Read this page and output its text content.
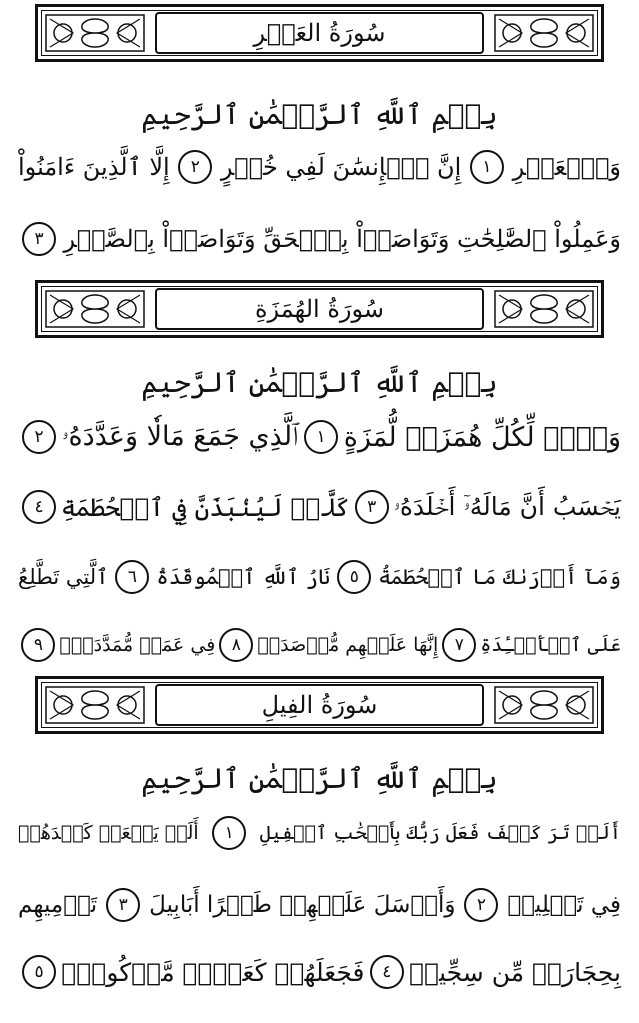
سُورَةُ العَصۡرِ
بِسۡمِ ٱللَّهِ ٱلرَّحۡمَٰنِ ٱلرَّحِيمِ
وَٱلۡعَصۡرِ
١
إِنَّ ٱلۡإِنسَٰنَ لَفِي خُسۡرٍ
٢
إِلَّا ٱلَّذِينَ ءَامَنُواْ
وَعَمِلُواْ ٱلصَّٰلِحَٰتِ وَتَوَاصَوۡاْ بِٱلۡحَقِّ وَتَوَاصَوۡاْ بِٱلصَّبۡرِ
٣
سُورَةُ الهُمَزَةِ
بِسۡمِ ٱللَّهِ ٱلرَّحۡمَٰنِ ٱلرَّحِيمِ
وَيۡلٞ لِّكُلِّ هُمَزَةٖ لُّمَزَةٍ
١
ٱلَّذِي جَمَعَ مَالٗا وَعَدَّدَهُۥ
٢
يَحۡسَبُ أَنَّ مَالَهُۥٓ أَخۡلَدَهُۥ
٣
كَلَّاۖ لَيُنۢبَذَنَّ فِي ٱلۡحُطَمَةِ
٤
وَمَآ أَدۡرَىٰكَ مَا ٱلۡحُطَمَةُ
٥
نَارُ ٱللَّهِ ٱلۡمُوقَدَةُ
٦
ٱلَّتِي تَطَّلِعُ
عَلَى ٱلۡأَفۡـِٔدَةِ
٧
إِنَّهَا عَلَيۡهِم مُّؤۡصَدَةٞ
٨
فِي عَمَدٖ مُّمَدَّدَةِۭ
٩
سُورَةُ الفِيلِ
بِسۡمِ ٱللَّهِ ٱلرَّحۡمَٰنِ ٱلرَّحِيمِ
أَلَمۡ تَرَ كَيۡفَ فَعَلَ رَبُّكَ بِأَصۡحَٰبِ ٱلۡفِيلِ
١
أَلَمۡ يَجۡعَلۡ كَيۡدَهُمۡ
فِي تَضۡلِيلٖ
٢
وَأَرۡسَلَ عَلَيۡهِمۡ طَيۡرًا أَبَابِيلَ
٣
تَرۡمِيهِم
بِحِجَارَةٖ مِّن سِجِّيلٖ
٤
فَجَعَلَهُمۡ كَعَصۡفٖ مَّأۡكُولِۭ
٥
